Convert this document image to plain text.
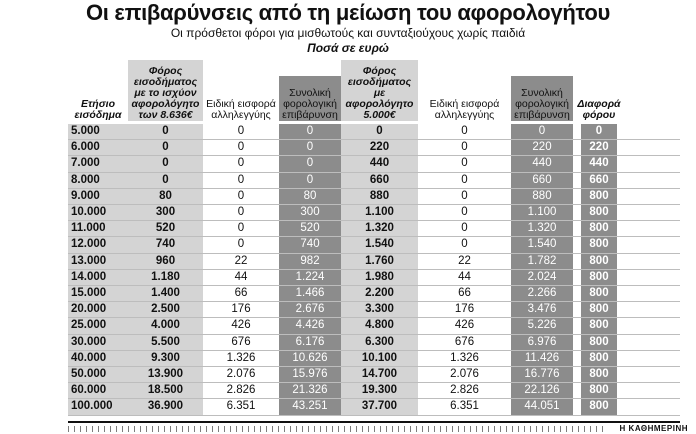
Οι επιβαρύνσεις από τη μείωση του αφορολογήτου
Οι πρόσθετοι φόροι για μισθωτούς και συνταξιούχους χωρίς παιδιά
Ποσά σε ευρώ
Ετήσιο εισόδημα
Φόρος εισοδήματος με το ισχύον αφορολόγητο των 8.636€
Ειδική εισφορά αλληλεγγύης
Συνολική φορολογική επιβάρυνση
Φόρος εισοδήματος με αφορολόγητο 5.000€
Ειδική εισφορά αλληλεγγύης
Συνολική φορολογική επιβάρυνση
Διαφορά φόρου
5.000	0	0	0	0	0	0	0
6.000	0	0	0	220	0	220	220
7.000	0	0	0	440	0	440	440
8.000	0	0	0	660	0	660	660
9.000	80	0	80	880	0	880	800
10.000	300	0	300	1.100	0	1.100	800
11.000	520	0	520	1.320	0	1.320	800
12.000	740	0	740	1.540	0	1.540	800
13.000	960	22	982	1.760	22	1.782	800
14.000	1.180	44	1.224	1.980	44	2.024	800
15.000	1.400	66	1.466	2.200	66	2.266	800
20.000	2.500	176	2.676	3.300	176	3.476	800
25.000	4.000	426	4.426	4.800	426	5.226	800
30.000	5.500	676	6.176	6.300	676	6.976	800
40.000	9.300	1.326	10.626	10.100	1.326	11.426	800
50.000	13.900	2.076	15.976	14.700	2.076	16.776	800
60.000	18.500	2.826	21.326	19.300	2.826	22.126	800
100.000	36.900	6.351	43.251	37.700	6.351	44.051	800
Η ΚΑΘΗΜΕΡΙΝΗ
